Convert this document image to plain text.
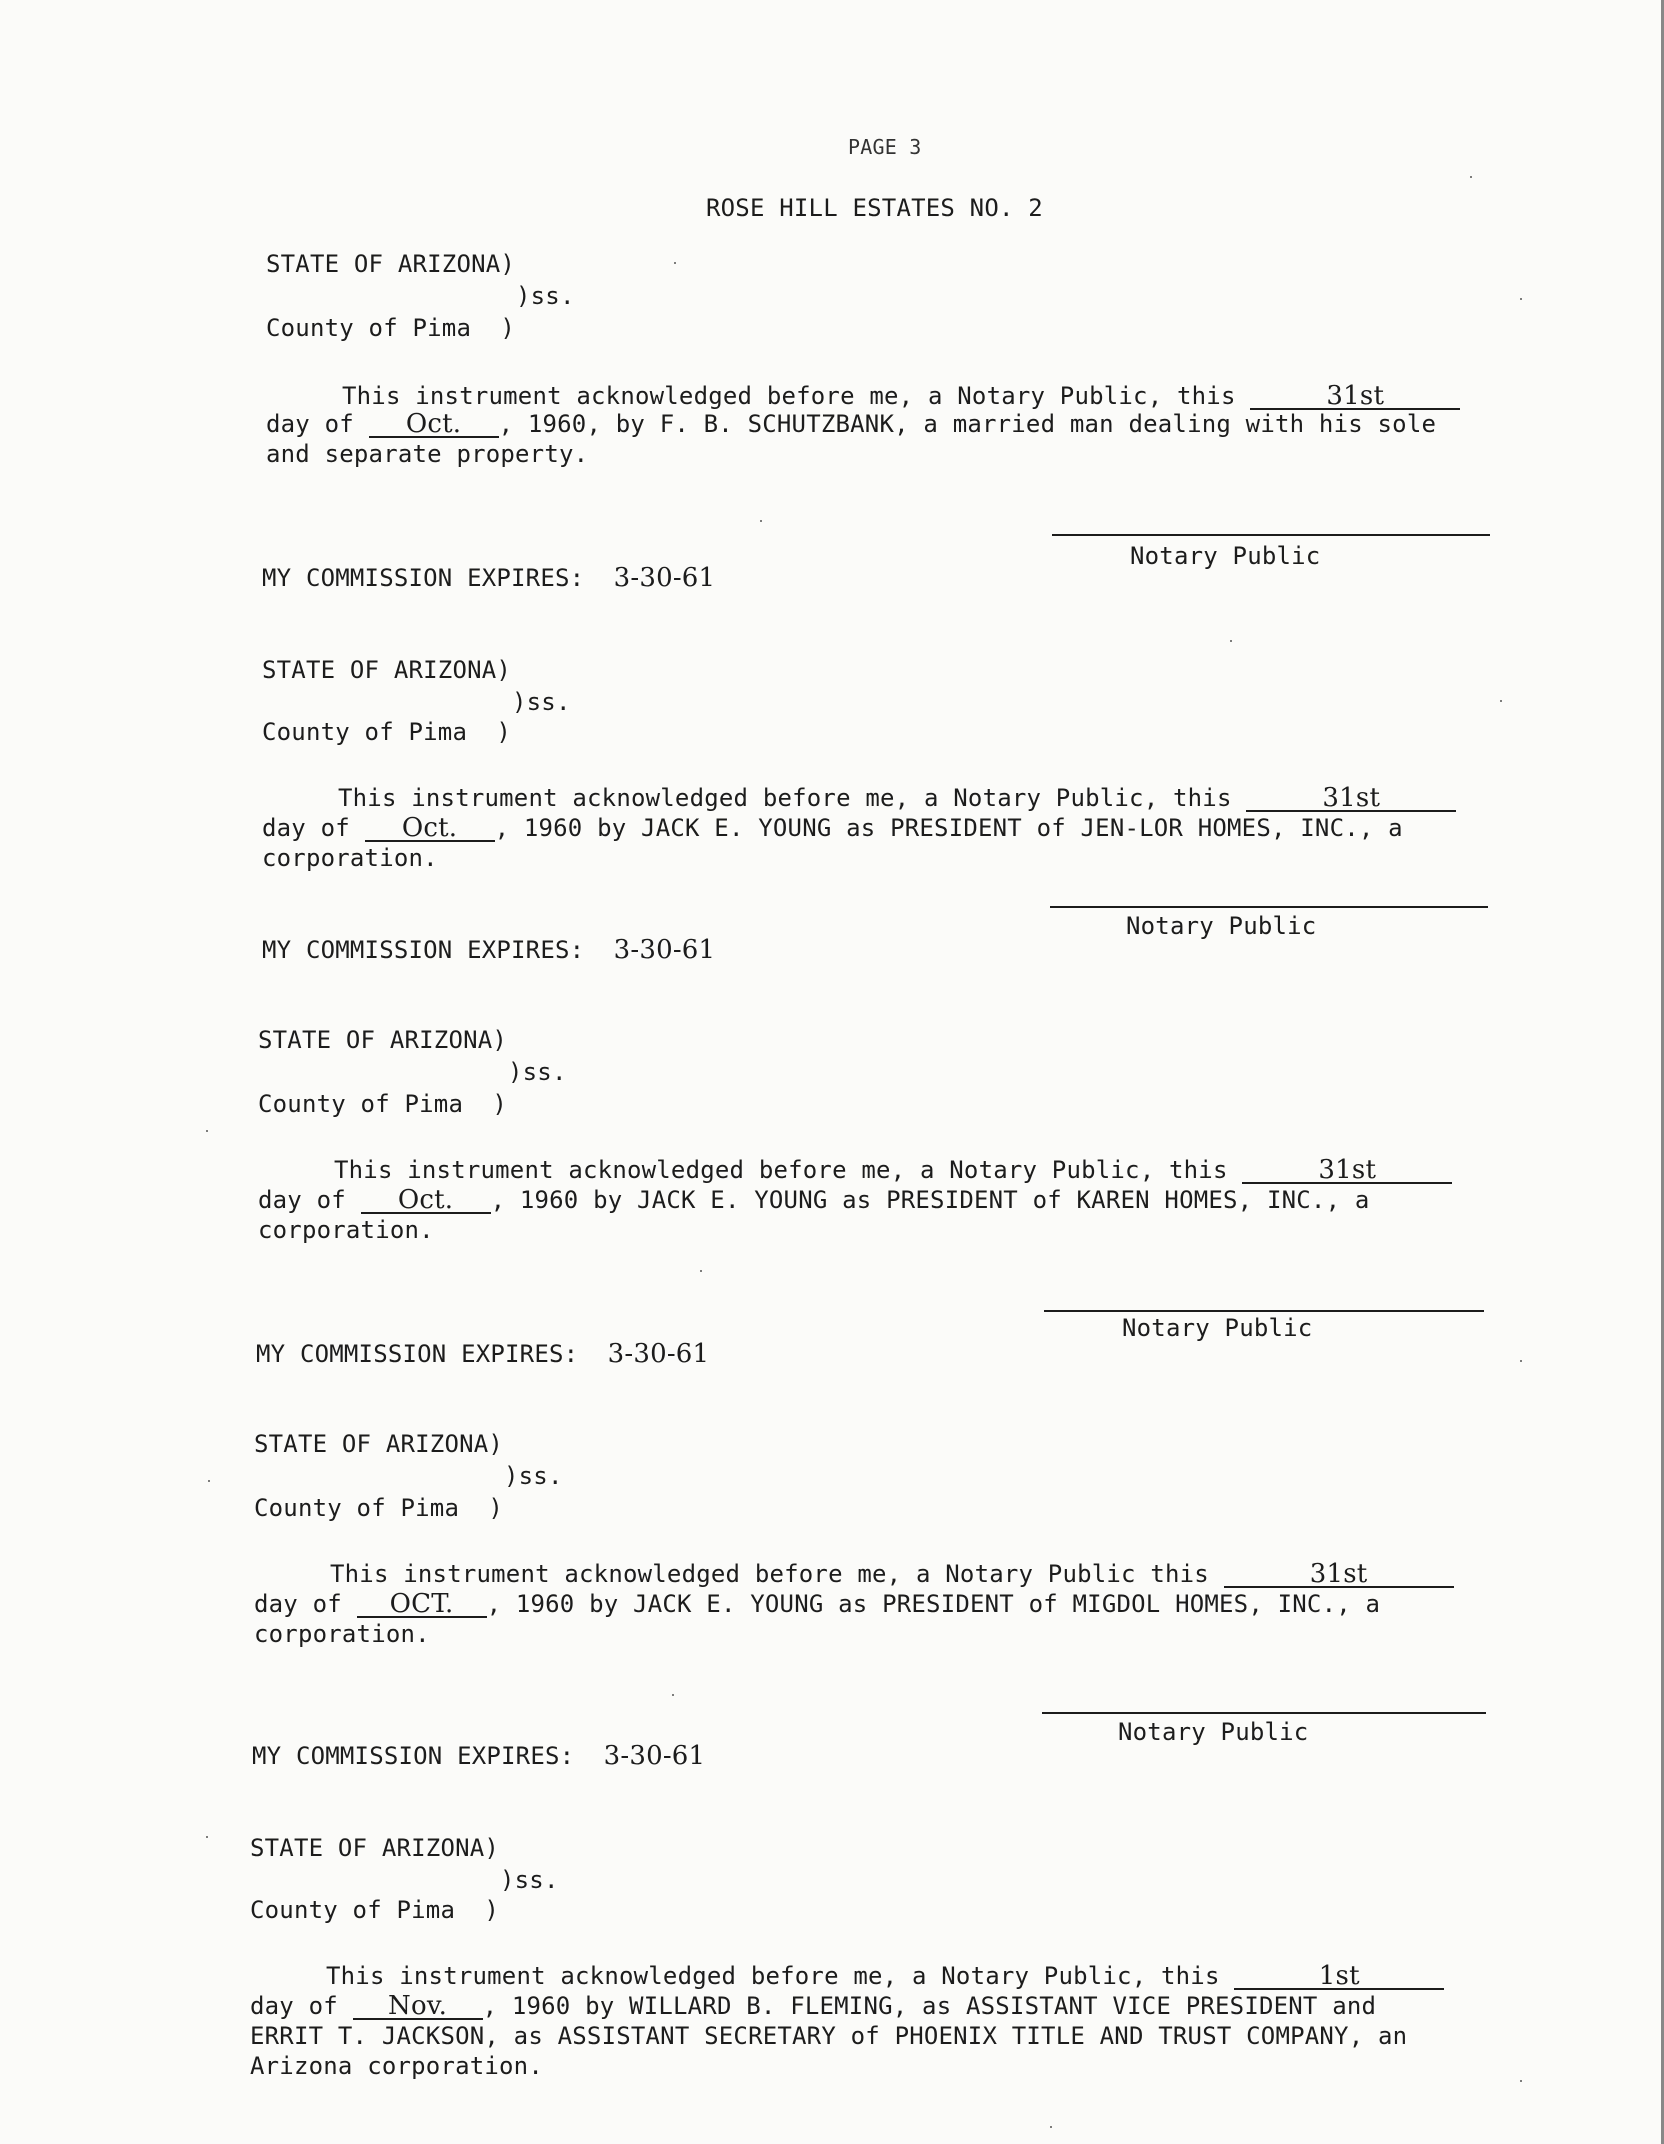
PAGE 3
ROSE HILL ESTATES NO. 2
STATE OF ARIZONA)
)ss.
County of Pima  )
This instrument acknowledged before me, a Notary Public, this	31st
day of Oct. , 1960, by F. B. SCHUTZBANK, a married man dealing with his sole
and separate property.
Notary Public
MY COMMISSION EXPIRES: 3-30-61
STATE OF ARIZONA)
)ss.
County of Pima  )
This instrument acknowledged before me, a Notary Public, this	31st
day of Oct. , 1960 by JACK E. YOUNG as PRESIDENT of JEN-LOR HOMES, INC., a
corporation.
Notary Public
MY COMMISSION EXPIRES: 3-30-61
STATE OF ARIZONA)
)ss.
County of Pima  )
This instrument acknowledged before me, a Notary Public, this	31st
day of Oct. , 1960 by JACK E. YOUNG as PRESIDENT of KAREN HOMES, INC., a
corporation.
Notary Public
MY COMMISSION EXPIRES: 3-30-61
STATE OF ARIZONA)
)ss.
County of Pima  )
This instrument acknowledged before me, a Notary Public this	31st
day of OCT. , 1960 by JACK E. YOUNG as PRESIDENT of MIGDOL HOMES, INC., a
corporation.
Notary Public
MY COMMISSION EXPIRES: 3-30-61
STATE OF ARIZONA)
)ss.
County of Pima  )
This instrument acknowledged before me, a Notary Public, this	1st
day of Nov. , 1960 by WILLARD B. FLEMING, as ASSISTANT VICE PRESIDENT and
ERRIT T. JACKSON, as ASSISTANT SECRETARY of PHOENIX TITLE AND TRUST COMPANY, an
Arizona corporation.
